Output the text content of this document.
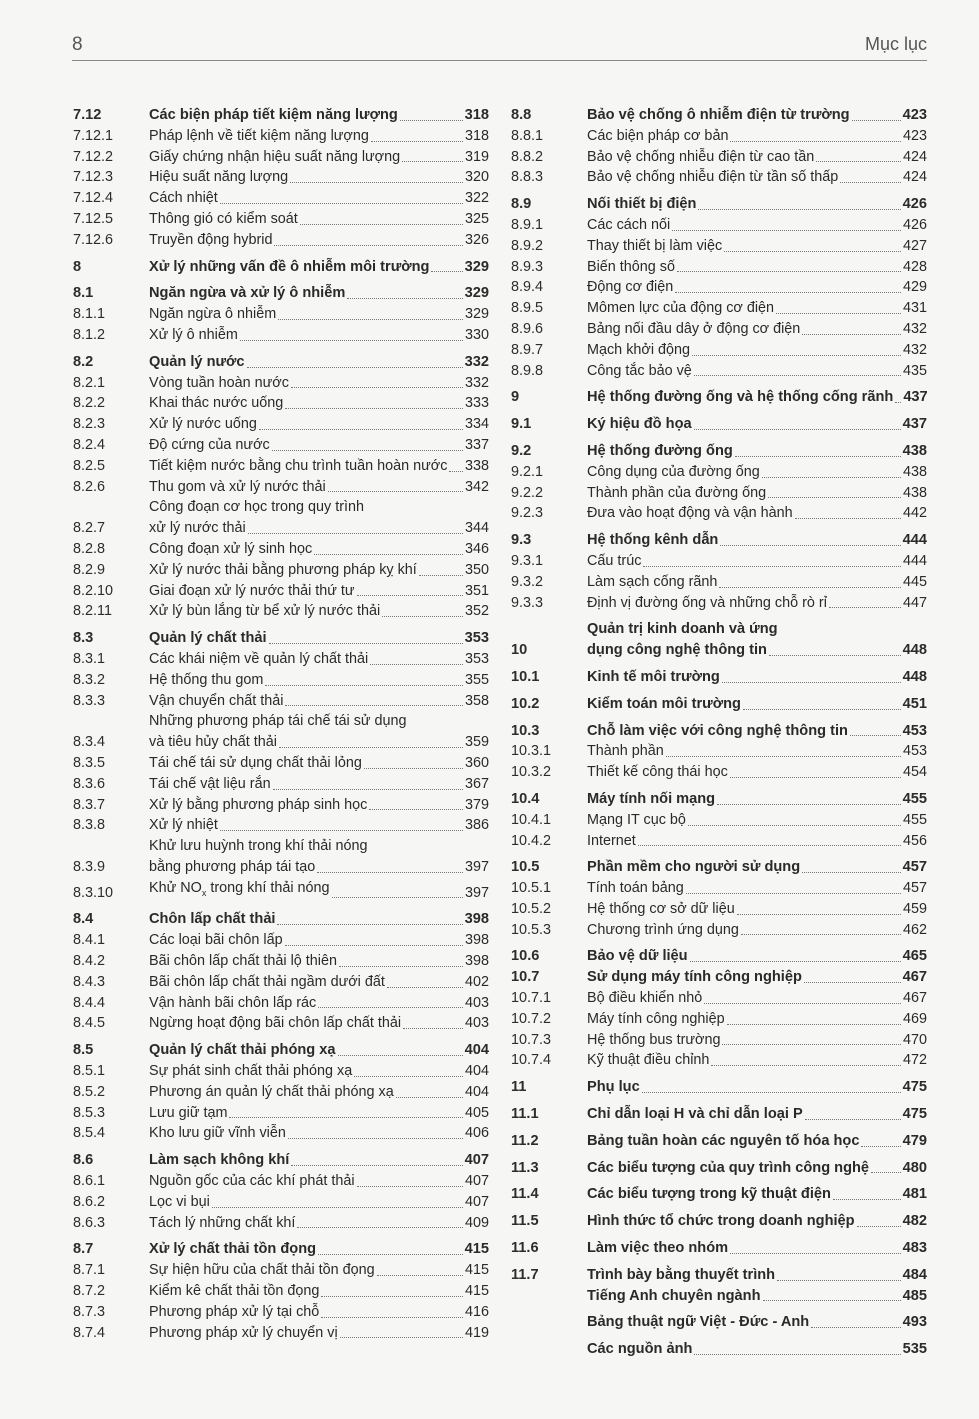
8	Mục lục
7.12	Các biện pháp tiết kiệm năng lượng	318
7.12.1	Pháp lệnh về tiết kiệm năng lượng	318
7.12.2	Giấy chứng nhận hiệu suất năng lượng	319
7.12.3	Hiệu suất năng lượng	320
7.12.4	Cách nhiệt	322
7.12.5	Thông gió có kiểm soát	325
7.12.6	Truyền động hybrid	326
8	Xử lý những vấn đề ô nhiễm môi trường 329
8.1	Ngăn ngừa và xử lý ô nhiễm	329
8.1.1	Ngăn ngừa ô nhiễm	329
8.1.2	Xử lý ô nhiễm	330
8.2	Quản lý nước	332
8.2.1	Vòng tuần hoàn nước	332
8.2.2	Khai thác nước uống	333
8.2.3	Xử lý nước uống	334
8.2.4	Độ cứng của nước	337
8.2.5	Tiết kiệm nước bằng chu trình tuần hoàn nước 338
8.2.6	Thu gom và xử lý nước thải	342
8.2.7
Công đoạn cơ học trong quy trình
xử lý nước thải	344
8.2.8	Công đoạn xử lý sinh học	346
8.2.9	Xử lý nước thải bằng phương pháp kỵ khí	350
8.2.10	Giai đoạn xử lý nước thải thứ tư	351
8.2.11	Xử lý bùn lắng từ bể xử lý nước thải	352
8.3	Quản lý chất thải	353
8.3.1	Các khái niệm về quản lý chất thải	353
8.3.2	Hệ thống thu gom	355
8.3.3	Vận chuyển chất thải	358
8.3.4
Những phương pháp tái chế tái sử dụng
và tiêu hủy chất thải	359
8.3.5	Tái chế tái sử dụng chất thải lỏng	360
8.3.6	Tái chế vật liệu rắn	367
8.3.7	Xử lý bằng phương pháp sinh học	379
8.3.8	Xử lý nhiệt	386
8.3.9
Khử lưu huỳnh trong khí thải nóng
bằng phương pháp tái tạo	397
8.3.10	Khử $NO_x$ trong khí thải nóng	397
8.4	Chôn lấp chất thải	398
8.4.1	Các loại bãi chôn lấp	398
8.4.2	Bãi chôn lấp chất thải lộ thiên	398
8.4.3	Bãi chôn lấp chất thải ngầm dưới đất	402
8.4.4	Vận hành bãi chôn lấp rác	403
8.4.5	Ngừng hoạt động bãi chôn lấp chất thải	403
8.5	Quản lý chất thải phóng xạ	404
8.5.1	Sự phát sinh chất thải phóng xạ	404
8.5.2	Phương án quản lý chất thải phóng xạ	404
8.5.3	Lưu giữ tạm	405
8.5.4	Kho lưu giữ vĩnh viễn	406
8.6	Làm sạch không khí	407
8.6.1	Nguồn gốc của các khí phát thải	407
8.6.2	Lọc vi bụi	407
8.6.3	Tách lý những chất khí	409
8.7	Xử lý chất thải tồn đọng	415
8.7.1	Sự hiện hữu của chất thải tồn đọng	415
8.7.2	Kiểm kê chất thải tồn đọng	415
8.7.3	Phương pháp xử lý tại chỗ	416
8.7.4	Phương pháp xử lý chuyển vị	419
8.8	Bảo vệ chống ô nhiễm điện từ trường	423
8.8.1	Các biện pháp cơ bản	423
8.8.2	Bảo vệ chống nhiễu điện từ cao tần	424
8.8.3	Bảo vệ chống nhiễu điện từ tần số thấp	424
8.9	Nối thiết bị điện	426
8.9.1	Các cách nối	426
8.9.2	Thay thiết bị làm việc	427
8.9.3	Biến thông số	428
8.9.4	Động cơ điện	429
8.9.5	Mômen lực của động cơ điện	431
8.9.6	Bảng nối đầu dây ở động cơ điện	432
8.9.7	Mạch khởi động	432
8.9.8	Công tắc bảo vệ	435
9	Hệ thống đường ống và hệ thống cống rãnh 437
9.1	Ký hiệu đồ họa	437
9.2	Hệ thống đường ống	438
9.2.1	Công dụng của đường ống	438
9.2.2	Thành phần của đường ống	438
9.2.3	Đưa vào hoạt động và vận hành	442
9.3	Hệ thống kênh dẫn	444
9.3.1	Cấu trúc	444
9.3.2	Làm sạch cống rãnh	445
9.3.3	Định vị đường ống và những chỗ rò rỉ	447
10
Quản trị kinh doanh và ứng
dụng công nghệ thông tin	448
10.1	Kinh tế môi trường	448
10.2	Kiểm toán môi trường	451
10.3	Chỗ làm việc với công nghệ thông tin	453
10.3.1	Thành phần	453
10.3.2	Thiết kế công thái học	454
10.4	Máy tính nối mạng	455
10.4.1	Mạng IT cục bộ	455
10.4.2	Internet	456
10.5	Phần mềm cho người sử dụng	457
10.5.1	Tính toán bảng	457
10.5.2	Hệ thống cơ sở dữ liệu	459
10.5.3	Chương trình ứng dụng	462
10.6	Bảo vệ dữ liệu	465
10.7	Sử dụng máy tính công nghiệp	467
10.7.1	Bộ điều khiển nhỏ	467
10.7.2	Máy tính công nghiệp	469
10.7.3	Hệ thống bus trường	470
10.7.4	Kỹ thuật điều chỉnh	472
11	Phụ lục	475
11.1	Chỉ dẫn loại H và chỉ dẫn loại P	475
11.2	Bảng tuần hoàn các nguyên tố hóa học	479
11.3	Các biểu tượng của quy trình công nghệ 480
11.4	Các biểu tượng trong kỹ thuật điện	481
11.5	Hình thức tổ chức trong doanh nghiệp	482
11.6	Làm việc theo nhóm	483
11.7	Trình bày bằng thuyết trình	484
Tiếng Anh chuyên ngành	485
Bảng thuật ngữ Việt - Đức - Anh	493
Các nguồn ảnh	535
